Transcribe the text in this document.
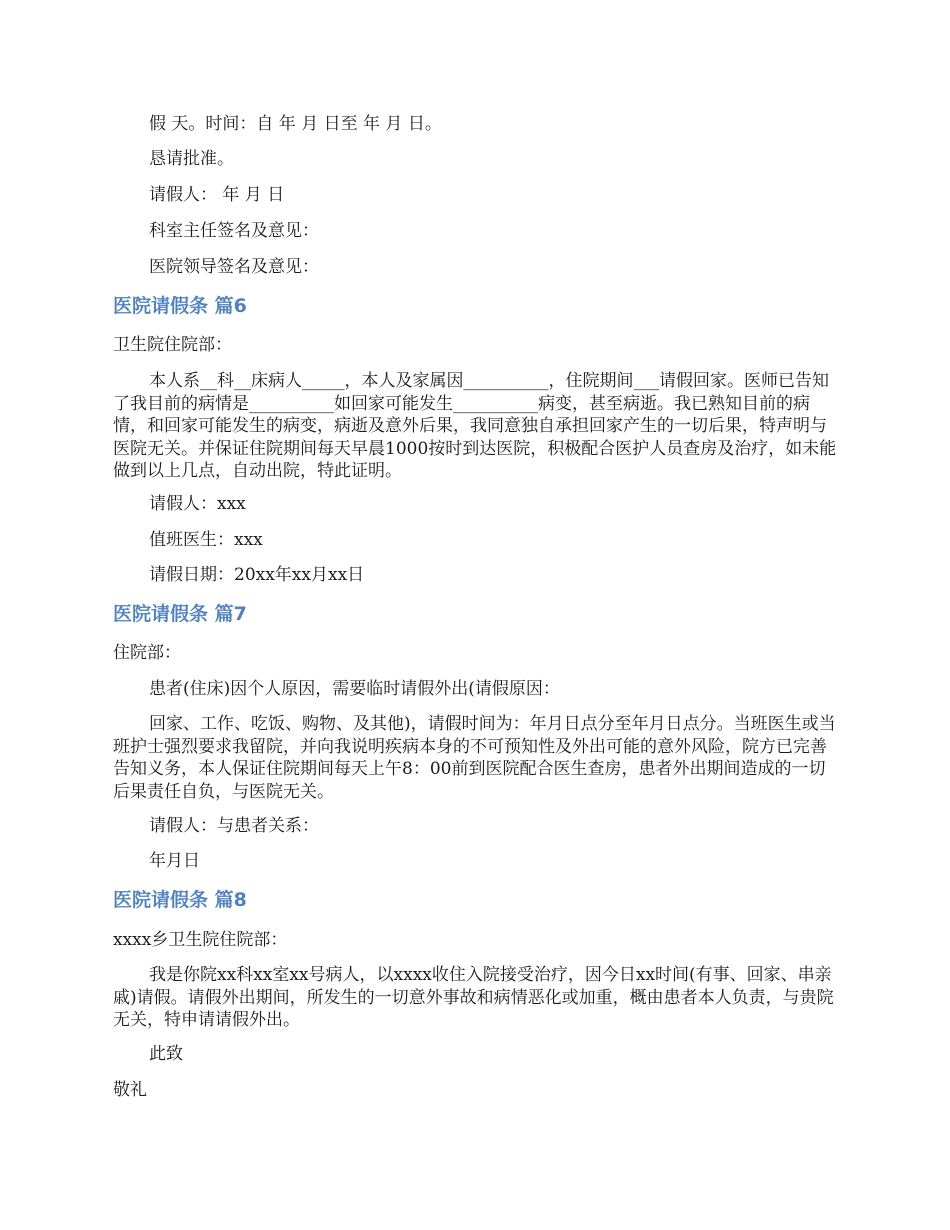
假 天。时间：自 年 月 日至 年 月 日。

恳请批准。

请假人： 年 月 日

科室主任签名及意见：

医院领导签名及意见：

医院请假条 篇6

卫生院住院部：

本人系__科__床病人_____，本人及家属因__________，住院期间___请假回家。医师已告知了我目前的病情是__________如回家可能发生__________病变，甚至病逝。我已熟知目前的病情，和回家可能发生的病变，病逝及意外后果，我同意独自承担回家产生的一切后果，特声明与医院无关。并保证住院期间每天早晨1000按时到达医院，积极配合医护人员查房及治疗，如未能做到以上几点，自动出院，特此证明。

请假人：xxx

值班医生：xxx

请假日期：20xx年xx月xx日

医院请假条 篇7

住院部：

患者(住床)因个人原因，需要临时请假外出(请假原因：

回家、工作、吃饭、购物、及其他)，请假时间为：年月日点分至年月日点分。当班医生或当班护士强烈要求我留院，并向我说明疾病本身的不可预知性及外出可能的意外风险，院方已完善告知义务，本人保证住院期间每天上午8：00前到医院配合医生查房，患者外出期间造成的一切后果责任自负，与医院无关。

请假人：与患者关系：

年月日

医院请假条 篇8

xxxx乡卫生院住院部：

我是你院xx科xx室xx号病人，以xxxx收住入院接受治疗，因今日xx时间(有事、回家、串亲戚)请假。请假外出期间，所发生的一切意外事故和病情恶化或加重，概由患者本人负责，与贵院无关，特申请请假外出。

此致

敬礼
